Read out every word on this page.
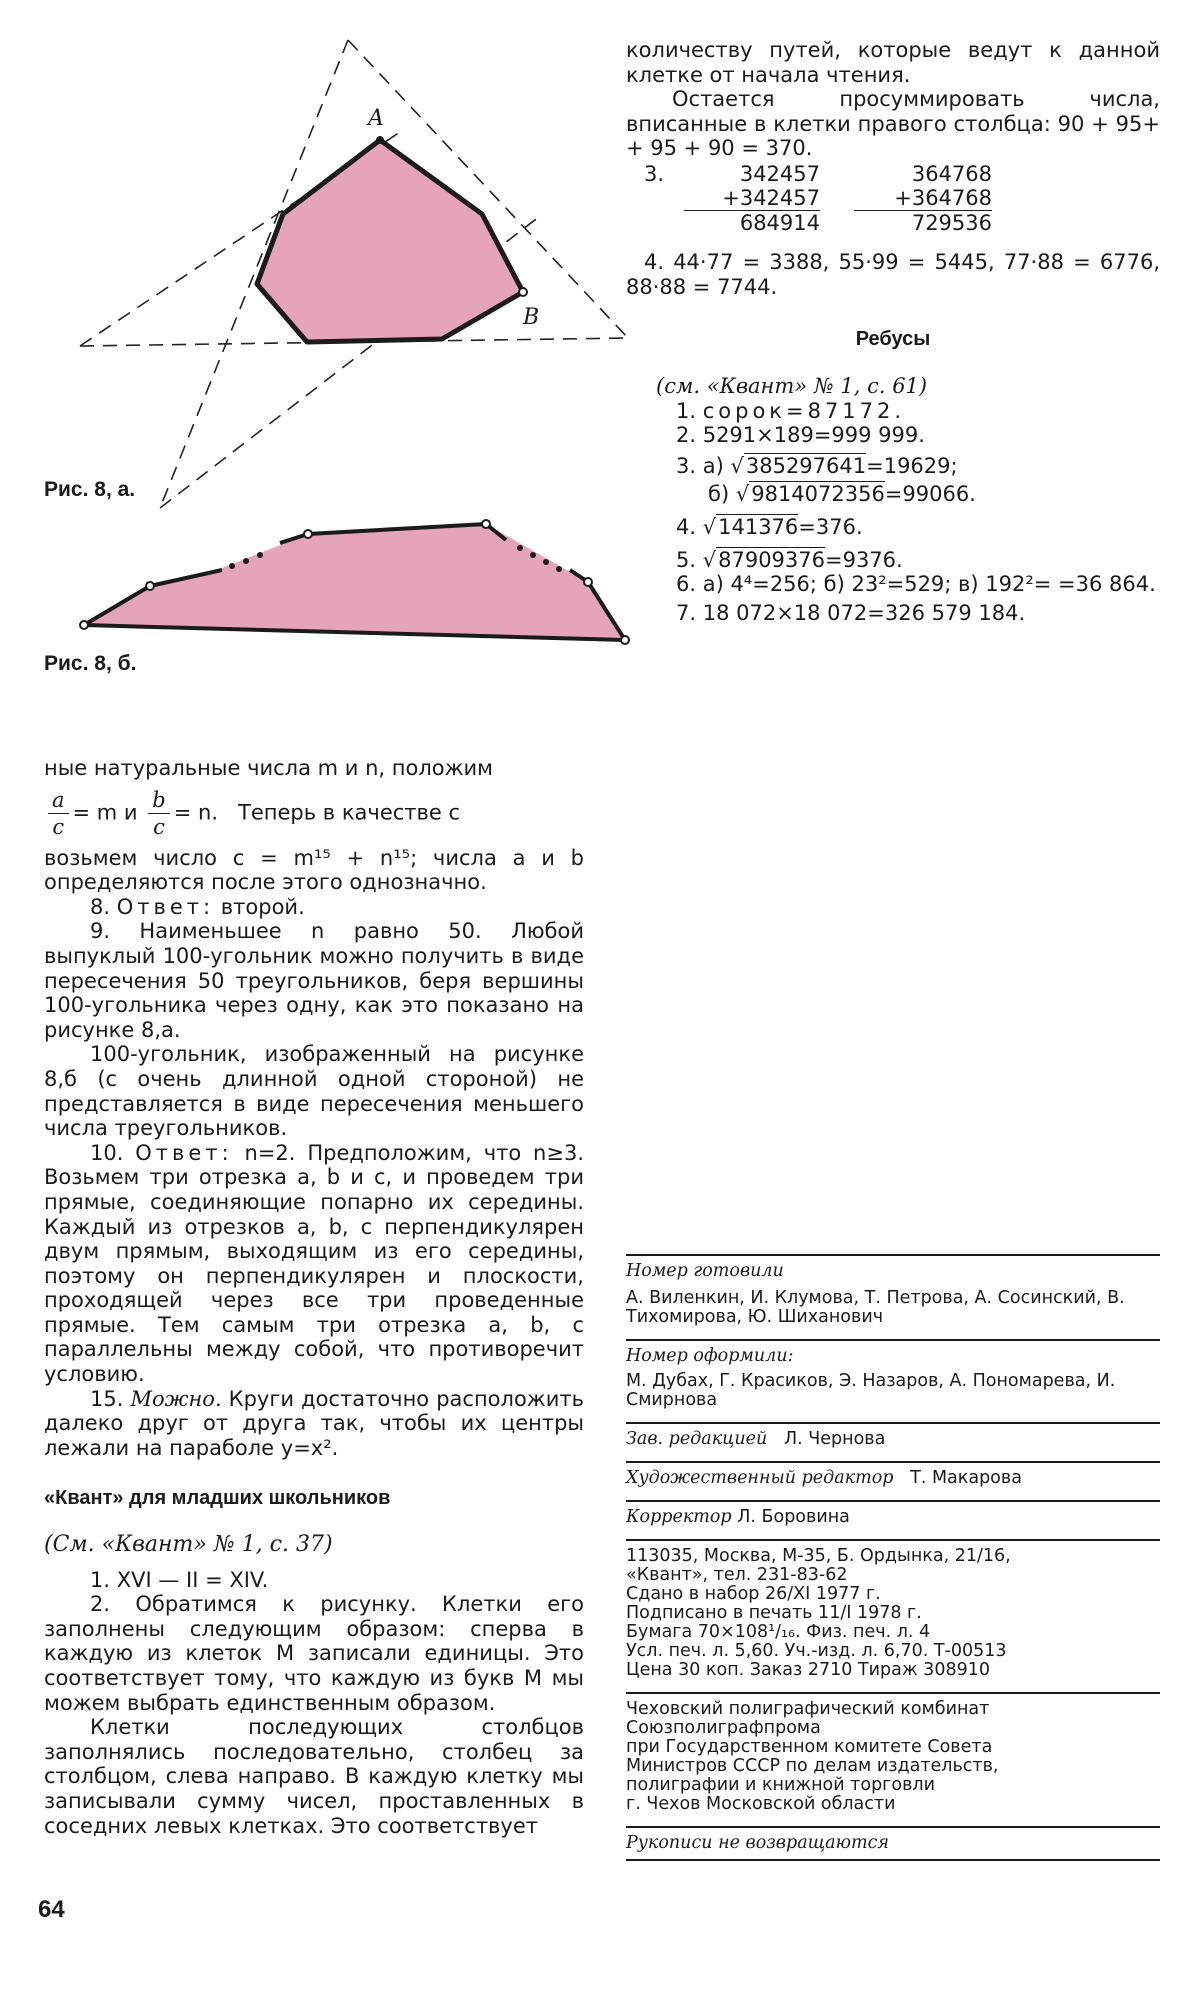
A
B
Рис. 8, а.
Рис. 8, б.

количеству путей, которые ведут к данной клетке от начала чтения.

Остается просуммировать числа, вписанные в клетки правого столбца: 90 + 95+ + 95 + 90 = 370.

3.	342457
+342457
684914
364768
+364768
729536
4. 44·77 = 3388, 55·99 = 5445, 77·88 = 6776, 88·88 = 7744.
Ребусы

(см. «Квант» № 1, с. 61)

1. сорок=87172.

2. 5291×189=999 999.

3. а) √385297641=19629;

б) √9814072356=99066.

4. √141376=376.

5. √87909376=9376.

6. а) 4⁴=256; б) 23²=529; в) 192²= =36 864.

7. 18 072×18 072=326 579 184.

ные натуральные числа m и n, положим

$\frac{a}{c} = m$ и $\frac{b}{c} = n$. Теперь в качестве c

возьмем число c = m¹⁵ + n¹⁵; числа a и b определяются после этого однозначно.

8. Ответ: второй.

9. Наименьшее n равно 50. Любой выпуклый 100-угольник можно получить в виде пересечения 50 треугольников, беря вершины 100-угольника через одну, как это показано на рисунке 8,а.

100-угольник, изображенный на рисунке 8,б (с очень длинной одной стороной) не представляется в виде пересечения меньшего числа треугольников.

10. Ответ: n=2. Предположим, что n≥3. Возьмем три отрезка a, b и c, и проведем три прямые, соединяющие попарно их середины. Каждый из отрезков a, b, c перпендикулярен двум прямым, выходящим из его середины, поэтому он перпендикулярен и плоскости, проходящей через все три проведенные прямые. Тем самым три отрезка a, b, c параллельны между собой, что противоречит условию.

15. Можно. Круги достаточно расположить далеко друг от друга так, чтобы их центры лежали на параболе y=x².

«Квант» для младших школьников

(См. «Квант» № 1, с. 37)

1. XVI — II = XIV.

2. Обратимся к рисунку. Клетки его заполнены следующим образом: сперва в каждую из клеток M записали единицы. Это соответствует тому, что каждую из букв M мы можем выбрать единственным образом.

Клетки последующих столбцов заполнялись последовательно, столбец за столбцом, слева направо. В каждую клетку мы записывали сумму чисел, проставленных в соседних левых клетках. Это соответствует

Номер готовили
А. Виленкин, И. Клумова, Т. Петрова, А. Сосинский, В. Тихомирова, Ю. Шиханович
Номер оформили:
М. Дубах, Г. Красиков, Э. Назаров, А. Пономарева, И. Смирнова
Зав. редакцией Л. Чернова
Художественный редактор Т. Макарова
Корректор Л. Боровина
113035, Москва, М-35, Б. Ордынка, 21/16,
«Квант», тел. 231-83-62
Сдано в набор 26/XI 1977 г.
Подписано в печать 11/I 1978 г.
Бумага 70×108¹/₁₆. Физ. печ. л. 4
Усл. печ. л. 5,60. Уч.-изд. л. 6,70. Т-00513
Цена 30 коп. Заказ 2710 Тираж 308910
Чеховский полиграфический комбинат
Союзполиграфпрома
при Государственном комитете Совета
Министров СССР по делам издательств,
полиграфии и книжной торговли
г. Чехов Московской области
Рукописи не возвращаются
64
